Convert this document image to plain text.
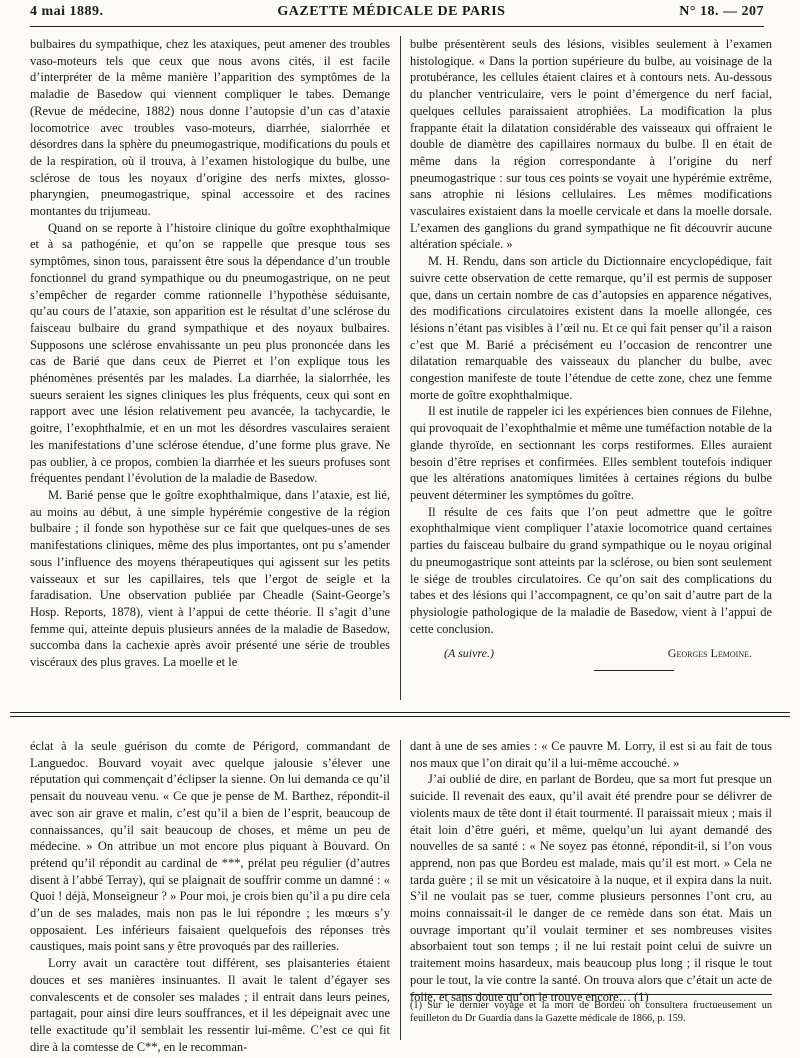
4 mai 1889.	GAZETTE MÉDICALE DE PARIS	N° 18. — 207

bulbaires du sympathique, chez les ataxiques, peut amener des troubles vaso-moteurs tels que ceux que nous avons cités, il est facile d’interpréter de la même manière l’apparition des symptômes de la maladie de Basedow qui viennent compliquer le tabes. Demange (Revue de médecine, 1882) nous donne l’autopsie d’un cas d’ataxie locomotrice avec troubles vaso-moteurs, diarrhée, sialorrhée et désordres dans la sphère du pneumogastrique, modifications du pouls et de la respiration, où il trouva, à l’examen histologique du bulbe, une sclérose de tous les noyaux d’origine des nerfs mixtes, glosso-pharyngien, pneumogastrique, spinal accessoire et des racines montantes du trijumeau.

Quand on se reporte à l’histoire clinique du goître exophthalmique et à sa pathogénie, et qu’on se rappelle que presque tous ses symptômes, sinon tous, paraissent être sous la dépendance d’un trouble fonctionnel du grand sympathique ou du pneumogastrique, on ne peut s’empêcher de regarder comme rationnelle l’hypothèse séduisante, qu’au cours de l’ataxie, son apparition est le résultat d’une sclérose du faisceau bulbaire du grand sympathique et des noyaux bulbaires. Supposons une sclérose envahissante un peu plus prononcée dans les cas de Barié que dans ceux de Pierret et l’on explique tous les phénomènes présentés par les malades. La diarrhée, la sialorrhée, les sueurs seraient les signes cliniques les plus fréquents, ceux qui sont en rapport avec une lésion relativement peu avancée, la tachycardie, le goitre, l’exophthalmie, et en un mot les désordres vasculaires seraient les manifestations d’une sclérose étendue, d’une forme plus grave. Ne pas oublier, à ce propos, combien la diarrhée et les sueurs profuses sont fréquentes pendant l’évolution de la maladie de Basedow.

M. Barié pense que le goître exophthalmique, dans l’ataxie, est lié, au moins au début, à une simple hypérémie congestive de la région bulbaire ; il fonde son hypothèse sur ce fait que quelques-unes de ses manifestations cliniques, même des plus importantes, ont pu s’amender sous l’influence des moyens thérapeutiques qui agissent sur les petits vaisseaux et sur les capillaires, tels que l’ergot de seigle et la faradisation. Une observation publiée par Cheadle (Saint-George’s Hosp. Reports, 1878), vient à l’appui de cette théorie. Il s’agit d’une femme qui, atteinte depuis plusieurs années de la maladie de Basedow, succomba dans la cachexie après avoir présenté une série de troubles viscéraux des plus graves. La moelle et le

bulbe présentèrent seuls des lésions, visibles seulement à l’examen histologique. « Dans la portion supérieure du bulbe, au voisinage de la protubérance, les cellules étaient claires et à contours nets. Au-dessous du plancher ventriculaire, vers le point d’émergence du nerf facial, quelques cellules paraissaient atrophiées. La modification la plus frappante était la dilatation considérable des vaisseaux qui offraient le double de diamètre des capillaires normaux du bulbe. Il en était de même dans la région correspondante à l’origine du nerf pneumogastrique : sur tous ces points se voyait une hypérémie extrême, sans atrophie ni lésions cellulaires. Les mêmes modifications vasculaires existaient dans la moelle cervicale et dans la moelle dorsale. L’examen des ganglions du grand sympathique ne fit découvrir aucune altération spéciale. »

M. H. Rendu, dans son article du Dictionnaire encyclopédique, fait suivre cette observation de cette remarque, qu’il est permis de supposer que, dans un certain nombre de cas d’autopsies en apparence négatives, des modifications circulatoires existent dans la moelle allongée, ces lésions n’étant pas visibles à l’œil nu. Et ce qui fait penser qu’il a raison c’est que M. Barié a précisément eu l’occasion de rencontrer une dilatation remarquable des vaisseaux du plancher du bulbe, avec congestion manifeste de toute l’étendue de cette zone, chez une femme morte de goître exophthalmique.

Il est inutile de rappeler ici les expériences bien connues de Filehne, qui provoquait de l’exophthalmie et même une tuméfaction notable de la glande thyroïde, en sectionnant les corps restiformes. Elles auraient besoin d’être reprises et confirmées. Elles semblent toutefois indiquer que les altérations anatomiques limitées à certaines régions du bulbe peuvent déterminer les symptômes du goître.

Il résulte de ces faits que l’on peut admettre que le goître exophthalmique vient compliquer l’ataxie locomotrice quand certaines parties du faisceau bulbaire du grand sympathique ou le noyau original du pneumogastrique sont atteints par la sclérose, ou bien sont seulement le siége de troubles circulatoires. Ce qu’on sait des complications du tabes et des lésions qui l’accompagnent, ce qu’on sait d’autre part de la physiologie pathologique de la maladie de Basedow, vient à l’appui de cette conclusion.

(A suivre.)	Georges Lemoine.

éclat à la seule guérison du comte de Périgord, commandant de Languedoc. Bouvard voyait avec quelque jalousie s’élever une réputation qui commençait d’éclipser la sienne. On lui demanda ce qu’il pensait du nouveau venu. « Ce que je pense de M. Barthez, répondit-il avec son air grave et malin, c’est qu’il a bien de l’esprit, beaucoup de connaissances, qu’il sait beaucoup de choses, et même un peu de médecine. » On attribue un mot encore plus piquant à Bouvard. On prétend qu’il répondit au cardinal de ***, prélat peu régulier (d’autres disent à l’abbé Terray), qui se plaignait de souffrir comme un damné : « Quoi ! déjà, Monseigneur ? » Pour moi, je crois bien qu’il a pu dire cela d’un de ses malades, mais non pas le lui répondre ; les mœurs s’y opposaient. Les inférieurs faisaient quelquefois des réponses très caustiques, mais point sans y être provoqués par des railleries.

Lorry avait un caractère tout différent, ses plaisanteries étaient douces et ses manières insinuantes. Il avait le talent d’égayer ses convalescents et de consoler ses malades ; il entrait dans leurs peines, partagait, pour ainsi dire leurs souffrances, et il les dépeignait avec une telle exactitude qu’il semblait les ressentir lui-même. C’est ce qui fit dire à la comtesse de C**, en le recomman-

dant à une de ses amies : « Ce pauvre M. Lorry, il est si au fait de tous nos maux que l’on dirait qu’il a lui-même accouché. »

J’ai oublié de dire, en parlant de Bordeu, que sa mort fut presque un suicide. Il revenait des eaux, qu’il avait été prendre pour se délivrer de violents maux de tête dont il était tourmenté. Il paraissait mieux ; mais il était loin d’être guéri, et même, quelqu’un lui ayant demandé des nouvelles de sa santé : « Ne soyez pas étonné, répondit-il, si l’on vous apprend, non pas que Bordeu est malade, mais qu’il est mort. » Cela ne tarda guère ; il se mit un vésicatoire à la nuque, et il expira dans la nuit. S’il ne voulait pas se tuer, comme plusieurs personnes l’ont cru, au moins connaissait-il le danger de ce remède dans son état. Mais un ouvrage important qu’il voulait terminer et ses nombreuses visites absorbaient tout son temps ; il ne lui restait point celui de suivre un traitement moins hasardeux, mais beaucoup plus long ; il risque le tout pour le tout, la vie contre la santé. On trouva alors que c’était un acte de folie, et sans doute qu’on le trouve encore… (1)

(1) Sur le dernier voyage et la mort de Bordeu on consultera fructueusement un feuilleton du Dr Guardia dans la Gazette médicale de 1866, p. 159.
